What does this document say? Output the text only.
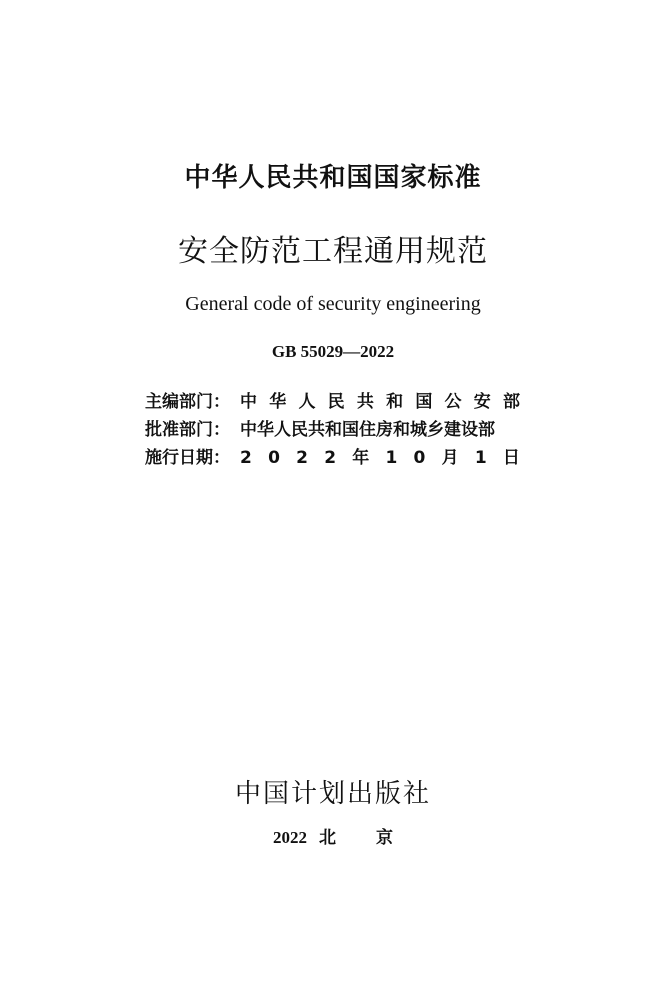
中华人民共和国国家标准
安全防范工程通用规范
General code of security engineering
GB 55029—2022
主编部门： 中 华 人 民 共 和 国 公 安 部
批准部门： 中华人民共和国住房和城乡建设部
施行日期： 2 0 2 2 年 1 0 月 1 日
中国计划出版社
2022 北 京
